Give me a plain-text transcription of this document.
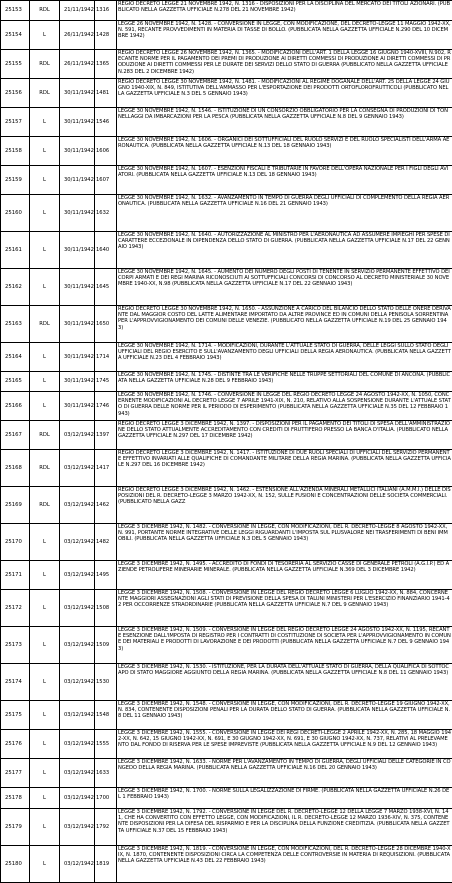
25153	RDL	21/11/1942	1316	REGIO DECRETO LEGGE 21 NOVEMBRE 1942, N. 1316 - DISPOSIZIONI PER LA DISCIPLINA DEL MERCATO DEI TITOLI AZIONARI. (PUBBLICATO NELLA GAZZETTA UFFICIALE N.278 DEL 21 NOVEMBRE 1942)
25154	L	26/11/1942	1428	LEGGE 26 NOVEMBRE 1942, N. 1428. - CONVERSIONE IN LEGGE, CON MODIFICAZIONE, DEL DECRETO-LEGGE 11 MAGGIO 1942-XX, N. 591, RECANTE PROVVEDIMENTI IN MATERIA DI TASSE DI BOLLO. (PUBBLICATA NELLA GAZZETTA UFFICIALE N.290 DEL 10 DICEMBRE 1942)
25155	RDL	26/11/1942	1365	REGIO DECRETO LEGGE 26 NOVEMBRE 1942, N. 1365. - MODIFICAZIONI DELL'ART. 1 DELLA LEGGE 16 GIUGNO 1940-XVIII, N.902, RECANTE NORME PER IL PAGAMENTO DEI PREMI DI PRODUZIONE AI DIRETTI COMMESSI DI PRODUZIONE AI DIRETTI COMMESSI DI PRODUZIONE AI DIRETTI COMMESSI PER LE DURATE DEI SERVIZI DELLO STATO DI GUERRA (PUBBLICATO NELLA GAZZETTA UFFICIALE N.283 DEL 2 DICEMBRE 1942)
25156	RDL	30/11/1942	1481	REGIO DECRETO LEGGE 30 NOVEMBRE 1942, N. 1481. - MODIFICAZIONI AL REGIME DOGANALE DELL'ART. 25 DELLA LEGGE 24 GIUGNO 1940-XIX, N. 849, ISTITUTIVA DELL'AMMASSO PER L'ESPORTAZIONE DEI PRODOTTI ORTOFLOROFRUTTICOLI (PUBBLICATO NELLA GAZZETTA UFFICIALE N.3 DEL 5 GENNAIO 1943)
25157	L	30/11/1942	1546	LEGGE 30 NOVEMBRE 1942, N. 1546. - ISTITUZIONE DI UN CONSORZIO OBBLIGATORIO PER LA CONSEGNA DI PRODUZIONI DI TONNELLAGGI DA IMBARCAZIONI PER LA PESCA (PUBBLICATA NELLA GAZZETTA UFFICIALE N.8 DEL 9 GENNAIO 1943)
25158	L	30/11/1942	1606	LEGGE 30 NOVEMBRE 1942, N. 1606. - ORGANICI DEI SOTTUFFICIALI DEL RUOLO SERVIZI E DEL RUOLO SPECIALISTI DELL'ARMA AERONAUTICA. (PUBBLICATA NELLA GAZZETTA UFFICIALE N.13 DEL 18 GENNAIO 1943)
25159	L	30/11/1942	1607	LEGGE 30 NOVEMBRE 1942, N. 1607. - ESENZIONI FISCALI E TRIBUTARIE IN FAVORE DELL'OPERA NAZIONALE PER I FIGLI DEGLI AVIATORI. (PUBBLICATA NELLA GAZZETTA UFFICIALE N.13 DEL 18 GENNAIO 1943)
25160	L	30/11/1942	1632	LEGGE 30 NOVEMBRE 1942, N. 1632. - AVANZAMENTO IN TEMPO DI GUERRA DEGLI UFFICIALI DI COMPLEMENTO DELLA REGIA AERONAUTICA. (PUBBLICATA NELLA GAZZETTA UFFICIALE N.16 DEL 21 GENNAIO 1943)
25161	L	30/11/1942	1640	LEGGE 30 NOVEMBRE 1942, N. 1640. - AUTORIZZAZIONE AL MINISTRO PER L'AERONAUTICA AD ASSUMERE IMPIEGHI PER SPESE DI CARATTERE ECCEZIONALE IN DIPENDENZA DELLO STATO DI GUERRA. (PUBBLICATA NELLA GAZZETTA UFFICIALE N.17 DEL 22 GENNAIO 1943)
25162	L	30/11/1942	1645	LEGGE 30 NOVEMBRE 1942, N. 1645. - AUMENTO DEI NUMERO DEGLI POSTI DI TENENTE IN SERVIZIO PERMANENTE EFFETTIVO DEI CORPI ARMATI E DEI REGI MARINA RICONOSCIUTI AI SOTTUFFICIALI CONCORSI DI CONCORSO AL DECRETO MINISTERIALE 30 NOVEMBRE 1940-XX, N.98 (PUBBLICATA NELLA GAZZETTA UFFICIALE N.17 DEL 22 GENNAIO 1943)
25163	RDL	30/11/1942	1650	REGIO DECRETO LEGGE 30 NOVEMBRE 1942, N. 1650. - ASSUNZIONE A CARICO DEL BILANCIO DELLO STATO DELLE ONERE DERIVANTE DAL MAGGIOR COSTO DEL LATTE ALIMENTARE IMPORTATO DA ALTRE PROVINCE ED IN COMUNI DELLA PENISOLA SORRENTINA PER L'APPROVVIGIONAMENTO DEI COMUNI DELLE VENEZIE. (PUBBLICATO NELLA GAZZETTA UFFICIALE N.19 DEL 25 GENNAIO 1943)
25164	L	30/11/1942	1714	LEGGE 30 NOVEMBRE 1942, N. 1714. - MODIFICAZIONI, DURANTE L'ATTUALE STATO DI GUERRA, DELLE LEGGI SULLO STATO DEGLI UFFICIALI DEL REGIO ESERCITO E SULL'AVANZAMENTO DEGLI UFFICIALI DELLA REGIA AERONAUTICA. (PUBBLICATA NELLA GAZZETTA UFFICIALE N.23 DEL 4 FEBBRAIO 1943)
25165	L	30/11/1942	1745	LEGGE 30 NOVEMBRE 1942, N. 1745. - DISTINTE TRA LE VERIFICHE NELLE TRUPPE SETTORIALI DEL COMUNE DI ANCONA. (PUBBLICATA NELLA GAZZETTA UFFICIALE N.28 DEL 9 FEBBRAIO 1943)
25166	L	30/11/1942	1746	LEGGE 30 NOVEMBRE 1942, N. 1746. - CONVERSIONE IN LEGGE DEL REGIO DECRETO LEGGE 24 AGOSTO 1942-XX, N. 1050, CONCERNENTE MODIFICAZIONI AL DECRETO LEGGE 7 APRILE 1941-XIX, N. 210, RELATIVO ALLA SOSPENSIONE DURANTE L'ATTUALE STATO DI GUERRA DELLE NORME PER IL PERIODO DI ESPERIMENTO (PUBBLICATA NELLA GAZZETTA UFFICIALE N.35 DEL 12 FEBBRAIO 1943)
25167	RDL	03/12/1942	1397	REGIO DECRETO LEGGE 3 DICEMBRE 1942, N. 1397. - DISPOSIZIONI PER IL PAGAMENTO DEI TITOLI DI SPESA DELL'AMMINISTRAZIONE DELLO STATO ATTUALMENTE ACCREDITAMENTO CON CREDITI DI FRUTTIFERO PRESSO LA BANCA D'ITALIA. (PUBBLICATO NELLA GAZZETTA UFFICIALE N.297 DEL 17 DICEMBRE 1942)
25168	RDL	03/12/1942	1417	REGIO DECRETO LEGGE 3 DICEMBRE 1942, N. 1417. - ISTITUZIONE DI DUE RUOLI SPECIALI DI UFFICIALI DEL SERVIZIO PERMANENTE EFFETTIVO INVARIATI ALLE QUALIFICHE DI COMANDANTE MILITARE DELLA REGIA MARINA. (PUBBLICATA NELLA GAZZETTA UFFICIALE N.297 DEL 16 DICEMBRE 1942)
25169	RDL	03/12/1942	1462	REGIO DECRETO LEGGE 3 DICEMBRE 1942, N. 1462. - ESTENSIONE ALL'AZIENDA MINERALI METALLICI ITALIANI (A.M.M.I.) DELLE DISPOSIZIONI DEL R. DECRETO-LEGGE 3 MARZO 1942-XX, N. 152, SULLE FUSIONI E CONCENTRAZIONI DELLE SOCIETA COMMERCIALI. (PUBBLICATO NELLA GAZZ
25170	L	03/12/1942	1482	LEGGE 3 DICEMBRE 1942, N. 1482. - CONVERSIONE IN LEGGE, CON MODIFICAZIONI, DEL R. DECRETO-LEGGE 8 AGOSTO 1942-XX, N. 991, PORTANTE NORME INTEGRATIVE DELLE LEGGI RIGUARDANTI L'IMPOSTA SUL PLUSVALORE NEI TRASFERIMENTI DI BENI IMMOBILI. (PUBBLICATA NELLA GAZZETTA UFFICIALE N.3 DEL 5 GENNAIO 1943)
25171	L	03/12/1942	1495	LEGGE 3 DICEMBRE 1942, N. 1495. - ACCREDITO DI FONDI DI TESORERIA AL SERVIZIO CASSE DI GENERALE PETROLI (A.G.I.P.) ED AZIENDE PETROLIFERE MINERARIE MINERALE. (PUBBLICATA NELLA GAZZETTA UFFICIALE N.369 DEL 3 DICEMBRE 1942)
25172	L	03/12/1942	1508	LEGGE 3 DICEMBRE 1942, N. 1508. - CONVERSIONE IN LEGGE DEL REGIO DECRETO LEGGE 6 LUGLIO 1942-XX, N. 884, CONCERNENTE MAGGIORI ASSEGNAZIONI AGLI STATI DI PREVISIONE DELLA SPESA DI TALUNI MINISTERI PER L'ESERCIZIO FINANZIARIO 1941-42 PER OCCORRENZE STRAORDINARIE (PUBBLICATA NELLA GAZZETTA UFFICIALE N.7 DEL 9 GENNAIO 1943)
25173	L	03/12/1942	1509	LEGGE 3 DICEMBRE 1942, N. 1509. - CONVERSIONE IN LEGGE DEL REGIO DECRETO LEGGE 24 AGOSTO 1942-XX, N. 1195, RECANTE ESENZIONE DALL'IMPOSTA DI REGISTRO PER I CONTRATTI DI COSTITUZIONE DI SOCIETA PER L'APPROVVIGIONAMENTO IN COMUNE DEI MATERIALI E PRODOTTI DI LAVORAZIONE E DEI PRODOTTI (PUBBLICATA NELLA GAZZETTA UFFICIALE N.7 DEL 9 GENNAIO 1943)
25174	L	03/12/1942	1530	LEGGE 3 DICEMBRE 1942, N. 1530. - ISTITUZIONE, PER LA DURATA DELL'ATTUALE STATO DI GUERRA, DELLA QUALIFICA DI SOTTOCAPO DI STATO MAGGIORE AGGIUNTO DELLA REGIA MARINA. (PUBBLICATA NELLA GAZZETTA UFFICIALE N.8 DEL 11 GENNAIO 1943)
25175	L	03/12/1942	1548	LEGGE 3 DICEMBRE 1942, N. 1548. - CONVERSIONE IN LEGGE, CON MODIFICAZIONI, DEL R. DECRETO-LEGGE 19 GIUGNO 1942-XX, N. 834, CONTENENTE DISPOSIZIONI PENALI PER LA DURATA DELLO STATO DI GUERRA. (PUBBLICATA NELLA GAZZETTA UFFICIALE N.8 DEL 11 GENNAIO 1943)
25176	L	03/12/1942	1555	LEGGE 3 DICEMBRE 1942, N. 1555. - CONVERSIONE IN LEGGE DEI REGI DECRETI-LEGGE 2 APRILE 1942-XX, N. 285, 18 MAGGIO 1942-XX, N. 642, 15 GIUGNO 1942-XX, N. 691, E 30 GIUGNO 1942-XX, N. 691, E 30 GIUGNO 1942-XX, N. 737, RELATIVI AL PRELEVAMENTO DAL FONDO DI RISERVA PER LE SPESE IMPREVISTE (PUBBLICATA NELLA GAZZETTA UFFICIALE N.9 DEL 12 GENNAIO 1943)
25177	L	03/12/1942	1633	LEGGE 3 DICEMBRE 1942, N. 1633. - NORME PER L'AVANZAMENTO IN TEMPO DI GUERRA, DEGLI UFFICIALI DELLE CATEGORIE IN CONGEDO DELLA REGIA MARINA. (PUBBLICATA NELLA GAZZETTA UFFICIALE N.16 DEL 20 GENNAIO 1943)
25178	L	03/12/1942	1700	LEGGE 3 DICEMBRE 1942, N. 1700. - NORME SULLA LEGALIZZAZIONE DI FIRME. (PUBBLICATA NELLA GAZZETTA UFFICIALE N.26 DEL 1 FEBBRAIO 1943)
25179	L	03/12/1942	1792	LEGGE 3 DICEMBRE 1942, N. 1792. - CONVERSIONE IN LEGGE DEL R. DECRETO-LEGGE 12 DELLA LEGGE 7 MARZO 1938-XVI, N. 141, CHE HA CONVERTITO CON EFFETTO LEGGE, CON MODIFICAZIONI, IL R. DECRETO-LEGGE 12 MARZO 1936-XIV, N. 375, CONTENENTE DISPOSIZIONI PER LA DIFESA DEL RISPARMIO E PER LA DISCIPLINA DELLA FUNZIONE CREDITIZIA. (PUBBLICATA NELLA GAZZETTA UFFICIALE N.37 DEL 15 FEBBRAIO 1943)
25180	L	03/12/1942	1819	LEGGE 3 DICEMBRE 1942, N. 1819. - CONVERSIONE IN LEGGE, CON MODIFICAZIONI, DEL R. DECRETO-LEGGE 28 DICEMBRE 1940-XIX, N. 1870, CONTENENTE DISPOSIZIONI CIRCA LA COMPETENZA DELLE CONTROVERSIE IN MATERIA DI REQUISIZIONI. (PUBBLICATA NELLA GAZZETTA UFFICIALE N.43 DEL 22 FEBBRAIO 1943)
